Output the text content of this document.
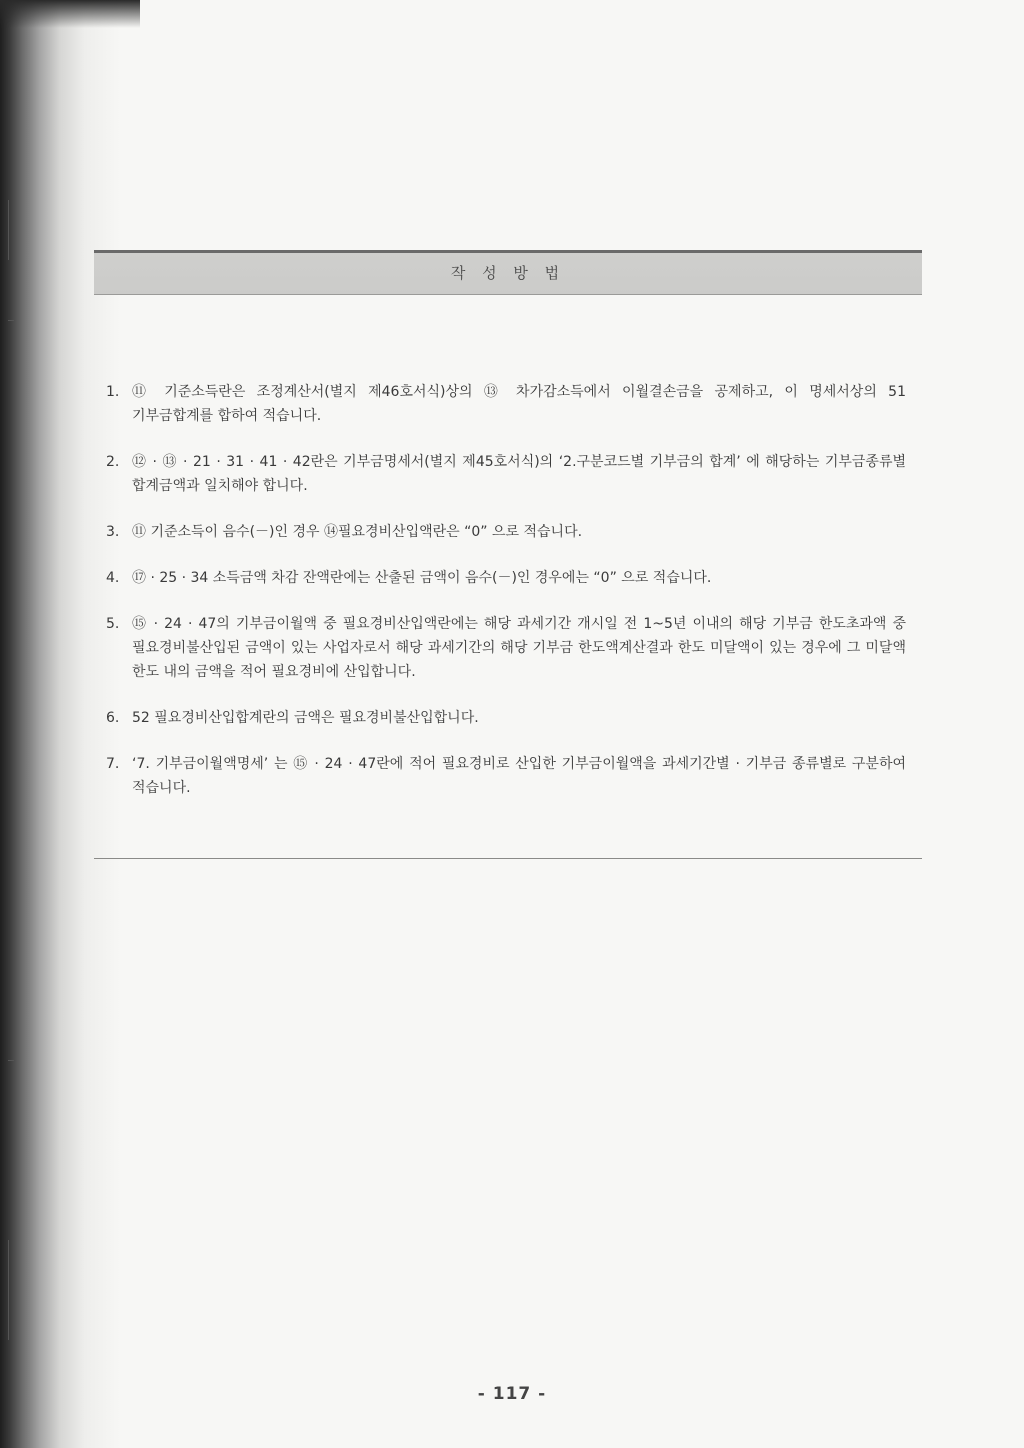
작 성 방 법
1. ⑪ 기준소득란은 조정계산서(별지 제46호서식)상의 ⑬ 차가감소득에서 이월결손금을 공제하고, 이 명세서상의 51 기부금합계를 합하여 적습니다.
2. ⑫ · ⑬ · 21 · 31 · 41 · 42란은 기부금명세서(별지 제45호서식)의 ‘2.구분코드별 기부금의 합계’ 에 해당하는 기부금종류별 합계금액과 일치해야 합니다.
3. ⑪ 기준소득이 음수(－)인 경우 ⑭필요경비산입액란은 “0” 으로 적습니다.
4. ⑰ · 25 · 34 소득금액 차감 잔액란에는 산출된 금액이 음수(－)인 경우에는 “0” 으로 적습니다.
5. ⑮ · 24 · 47의 기부금이월액 중 필요경비산입액란에는 해당 과세기간 개시일 전 1~5년 이내의 해당 기부금 한도초과액 중 필요경비불산입된 금액이 있는 사업자로서 해당 과세기간의 해당 기부금 한도액계산결과 한도 미달액이 있는 경우에 그 미달액 한도 내의 금액을 적어 필요경비에 산입합니다.
6. 52 필요경비산입합계란의 금액은 필요경비불산입합니다.
7. ‘7. 기부금이월액명세’ 는 ⑮ · 24 · 47란에 적어 필요경비로 산입한 기부금이월액을 과세기간별 · 기부금 종류별로 구분하여 적습니다.
- 117 -
